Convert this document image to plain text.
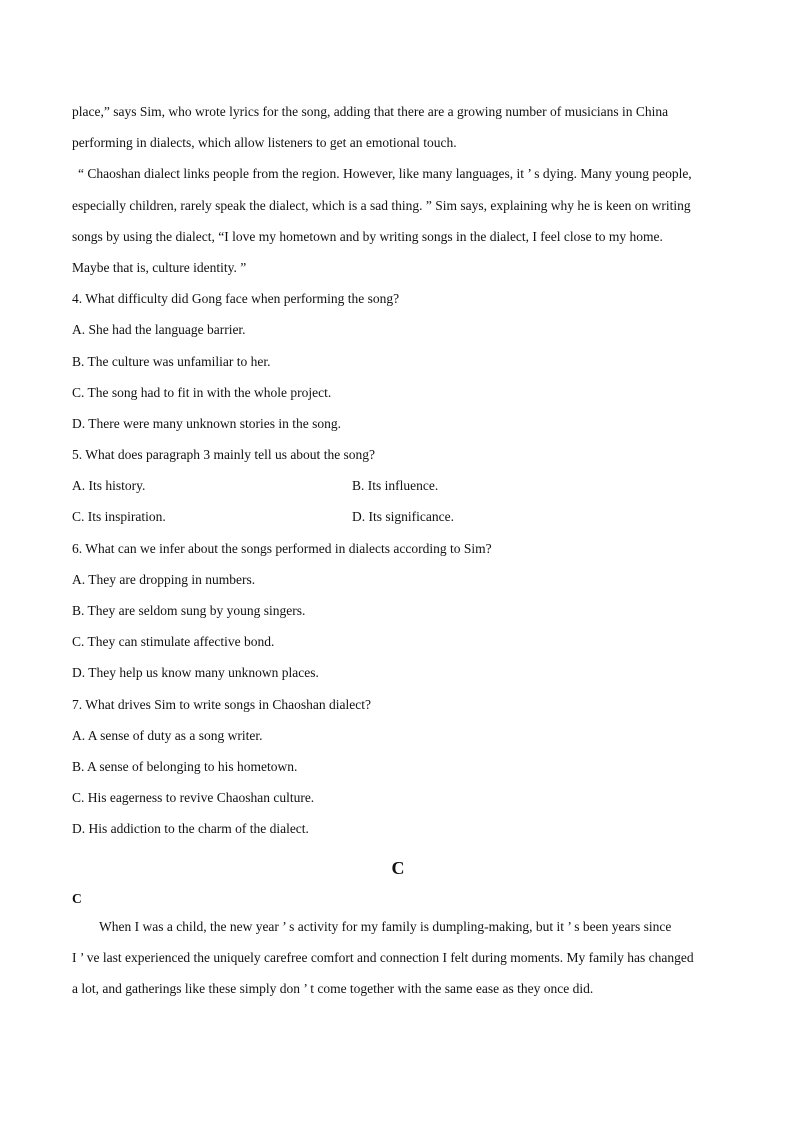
place,” says Sim, who wrote lyrics for the song, adding that there are a growing number of musicians in China
performing in dialects, which allow listeners to get an emotional touch.
“ Chaoshan dialect links people from the region. However, like many languages, it ’ s dying. Many young people,
especially children, rarely speak the dialect, which is a sad thing. ” Sim says, explaining why he is keen on writing
songs by using the dialect, “I love my hometown and by writing songs in the dialect, I feel close to my home.
Maybe that is, culture identity. ”
4. What difficulty did Gong face when performing the song?
A. She had the language barrier.
B. The culture was unfamiliar to her.
C. The song had to fit in with the whole project.
D. There were many unknown stories in the song.
5. What does paragraph 3 mainly tell us about the song?
A. Its history.	B. Its influence.
C. Its inspiration.	D. Its significance.
6. What can we infer about the songs performed in dialects according to Sim?
A. They are dropping in numbers.
B. They are seldom sung by young singers.
C. They can stimulate affective bond.
D. They help us know many unknown places.
7. What drives Sim to write songs in Chaoshan dialect?
A. A sense of duty as a song writer.
B. A sense of belonging to his hometown.
C. His eagerness to revive Chaoshan culture.
D. His addiction to the charm of the dialect.
C
C
When I was a child, the new year ’ s activity for my family is dumpling-making, but it ’ s been years since
I ’ ve last experienced the uniquely carefree comfort and connection I felt during moments. My family has changed
a lot, and gatherings like these simply don ’ t come together with the same ease as they once did.
